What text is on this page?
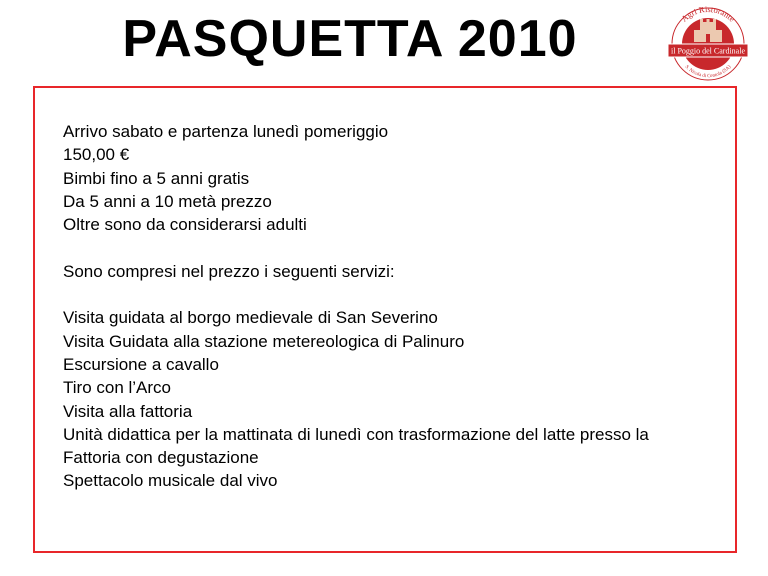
PASQUETTA 2010	il Poggio del Cardinale
Agri Ristorante
S. Nicola di Centola (SA)
Arrivo sabato e partenza lunedì pomeriggio
150,00 €
Bimbi fino a 5 anni gratis
Da 5 anni a 10 metà prezzo
Oltre sono da considerarsi adulti
Sono compresi nel prezzo i seguenti servizi:
Visita guidata al borgo medievale di San Severino
Visita Guidata alla stazione metereologica di Palinuro
Escursione a cavallo
Tiro con l’Arco
Visita alla fattoria
Unità didattica per la mattinata di lunedì con trasformazione del latte presso la
Fattoria con degustazione
Spettacolo musicale dal vivo
